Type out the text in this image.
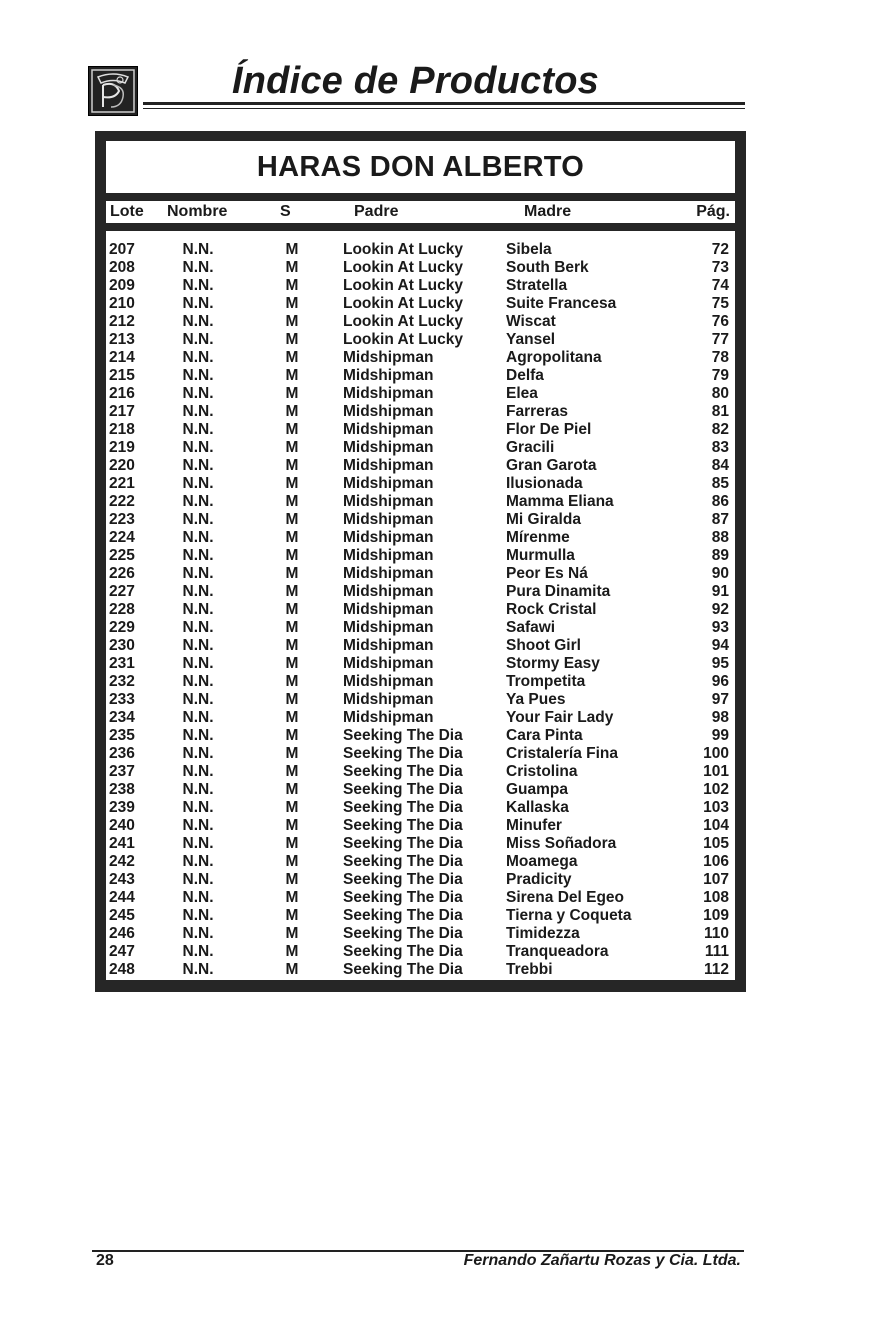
Índice de Productos
HARAS DON ALBERTO
Lote Nombre	S	Padre	Madre	Pág.
207	N.N.	M	Lookin At Lucky	Sibela	72
208	N.N.	M	Lookin At Lucky	South Berk	73
209	N.N.	M	Lookin At Lucky	Stratella	74
210	N.N.	M	Lookin At Lucky	Suite Francesa	75
212	N.N.	M	Lookin At Lucky	Wiscat	76
213	N.N.	M	Lookin At Lucky	Yansel	77
214	N.N.	M	Midshipman	Agropolitana	78
215	N.N.	M	Midshipman	Delfa	79
216	N.N.	M	Midshipman	Elea	80
217	N.N.	M	Midshipman	Farreras	81
218	N.N.	M	Midshipman	Flor De Piel	82
219	N.N.	M	Midshipman	Gracili	83
220	N.N.	M	Midshipman	Gran Garota	84
221	N.N.	M	Midshipman	Ilusionada	85
222	N.N.	M	Midshipman	Mamma Eliana	86
223	N.N.	M	Midshipman	Mi Giralda	87
224	N.N.	M	Midshipman	Mírenme	88
225	N.N.	M	Midshipman	Murmulla	89
226	N.N.	M	Midshipman	Peor Es Ná	90
227	N.N.	M	Midshipman	Pura Dinamita	91
228	N.N.	M	Midshipman	Rock Cristal	92
229	N.N.	M	Midshipman	Safawi	93
230	N.N.	M	Midshipman	Shoot Girl	94
231	N.N.	M	Midshipman	Stormy Easy	95
232	N.N.	M	Midshipman	Trompetita	96
233	N.N.	M	Midshipman	Ya Pues	97
234	N.N.	M	Midshipman	Your Fair Lady	98
235	N.N.	M	Seeking The Dia	Cara Pinta	99
236	N.N.	M	Seeking The Dia	Cristalería Fina	100
237	N.N.	M	Seeking The Dia	Cristolina	101
238	N.N.	M	Seeking The Dia	Guampa	102
239	N.N.	M	Seeking The Dia	Kallaska	103
240	N.N.	M	Seeking The Dia	Minufer	104
241	N.N.	M	Seeking The Dia	Miss Soñadora	105
242	N.N.	M	Seeking The Dia	Moamega	106
243	N.N.	M	Seeking The Dia	Pradicity	107
244	N.N.	M	Seeking The Dia	Sirena Del Egeo	108
245	N.N.	M	Seeking The Dia	Tierna y Coqueta	109
246	N.N.	M	Seeking The Dia	Timidezza	110
247	N.N.	M	Seeking The Dia	Tranqueadora	111
248	N.N.	M	Seeking The Dia	Trebbi	112
28	Fernando Zañartu Rozas y Cia. Ltda.
